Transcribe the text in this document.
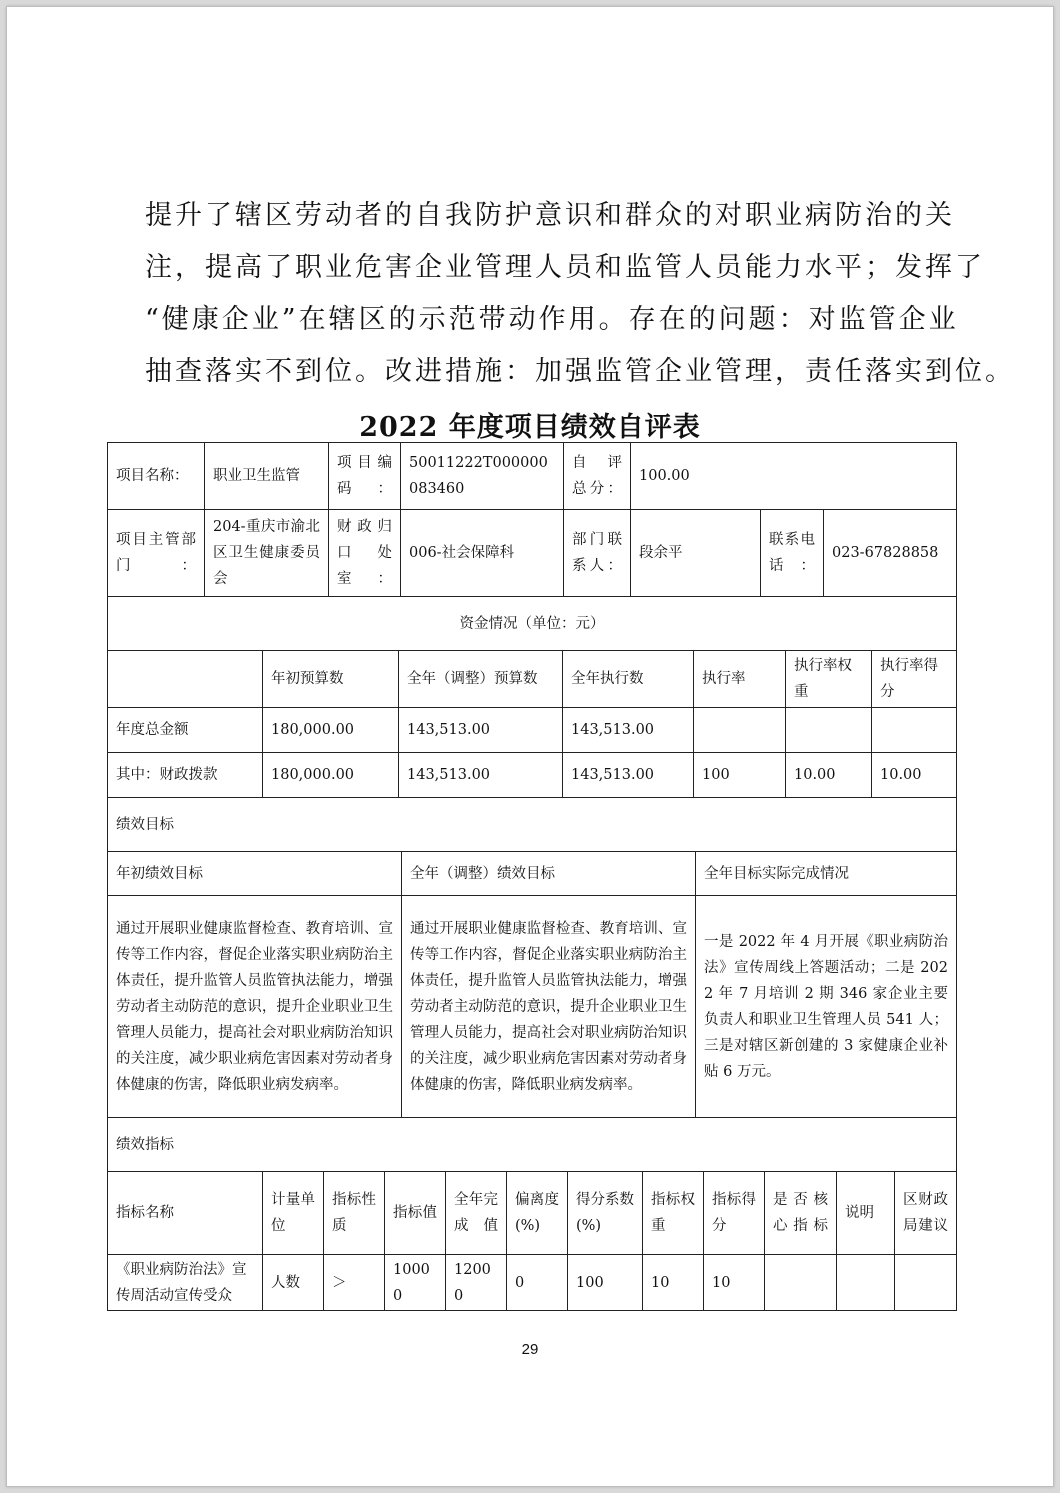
提升了辖区劳动者的自我防护意识和群众的对职业病防治的关

注，提高了职业危害企业管理人员和监管人员能力水平；发挥了

“健康企业”在辖区的示范带动作用。存在的问题：对监管企业

抽查落实不到位。改进措施：加强监管企业管理，责任落实到位。

2022 年度项目绩效自评表
项目名称：	职业卫生监管	项目编码：	50011222T000000083460	自 评 总分：	100.00		
项目主管部门：	204-重庆市渝北区卫生健康委员会	财政归口处室：	006-社会保障科	部门联系人：	段余平	联系电话：	023-67828858
资金情况（单位：元）						
	年初预算数	全年（调整）预算数	全年执行数	执行率	执行率权重	执行率得分
年度总金额	180,000.00	143,513.00	143,513.00			
其中：财政拨款	180,000.00	143,513.00	143,513.00	100	10.00	10.00
绩效目标		
年初绩效目标	全年（调整）绩效目标	全年目标实际完成情况
通过开展职业健康监督检查、教育培训、宣传等工作内容，督促企业落实职业病防治主体责任，提升监管人员监管执法能力，增强劳动者主动防范的意识，提升企业职业卫生管理人员能力，提高社会对职业病防治知识的关注度，减少职业病危害因素对劳动者身体健康的伤害，降低职业病发病率。	通过开展职业健康监督检查、教育培训、宣传等工作内容，督促企业落实职业病防治主体责任，提升监管人员监管执法能力，增强劳动者主动防范的意识，提升企业职业卫生管理人员能力，提高社会对职业病防治知识的关注度，减少职业病危害因素对劳动者身体健康的伤害，降低职业病发病率。	一是 2022 年 4 月开展《职业病防治法》宣传周线上答题活动；二是 2022 年 7 月培训 2 期 346 家企业主要负责人和职业卫生管理人员 541 人；三是对辖区新创建的 3 家健康企业补贴 6 万元。
绩效指标											
指标名称	计量单位	指标性质	指标值	全年完成值	偏离度(%)	得分系数(%)	指标权重	指标得分	是否核心指标	说明	区财政局建议
《职业病防治法》宣传周活动宣传受众	人数	＞	10000	12000	0	100	10	10			
29
